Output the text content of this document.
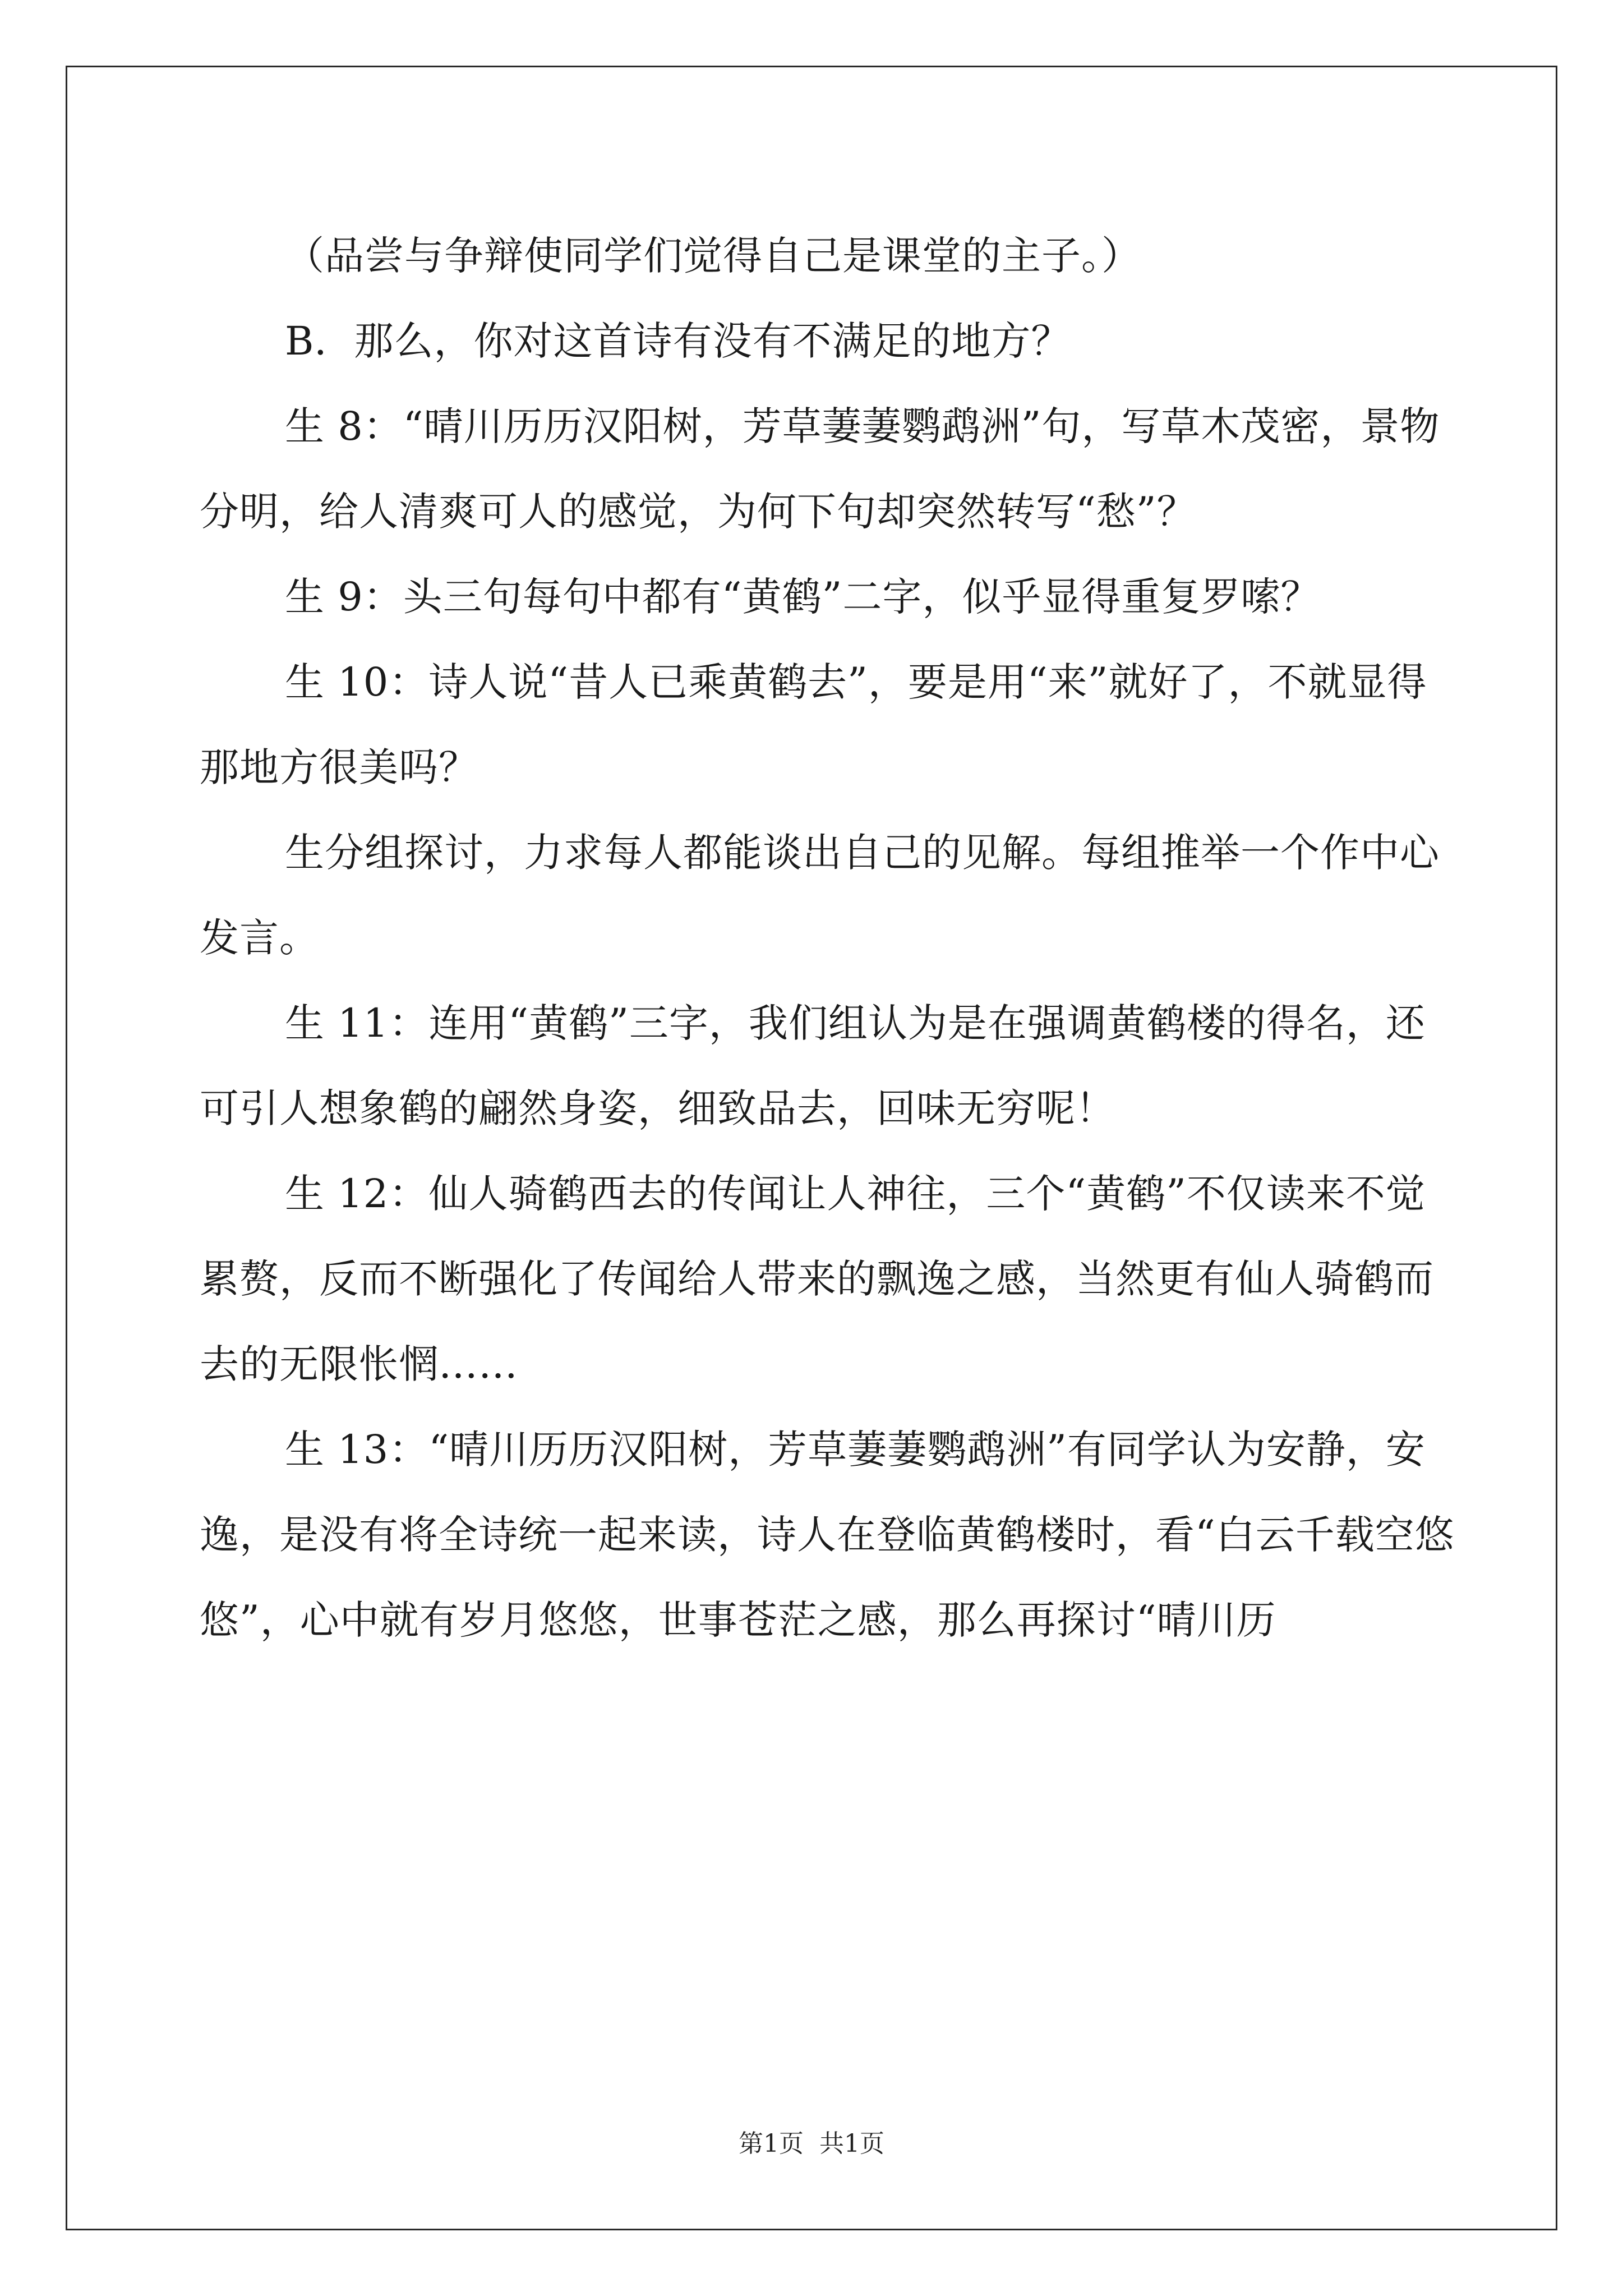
（品尝与争辩使同学们觉得自己是课堂的主子。）

B．那么，你对这首诗有没有不满足的地方？

生 8：“晴川历历汉阳树，芳草萋萋鹦鹉洲”句，写草木茂密，景物分明，给人清爽可人的感觉，为何下句却突然转写“愁”？

生 9：头三句每句中都有“黄鹤”二字，似乎显得重复罗嗦？

生 10：诗人说“昔人已乘黄鹤去”，要是用“来”就好了，不就显得那地方很美吗？

生分组探讨，力求每人都能谈出自己的见解。每组推举一个作中心发言。

生 11：连用“黄鹤”三字，我们组认为是在强调黄鹤楼的得名，还可引人想象鹤的翩然身姿，细致品去，回味无穷呢！

生 12：仙人骑鹤西去的传闻让人神往，三个“黄鹤”不仅读来不觉累赘，反而不断强化了传闻给人带来的飘逸之感，当然更有仙人骑鹤而去的无限怅惘……

生 13：“晴川历历汉阳树，芳草萋萋鹦鹉洲”有同学认为安静，安逸，是没有将全诗统一起来读，诗人在登临黄鹤楼时，看“白云千载空悠悠”，心中就有岁月悠悠，世事苍茫之感，那么再探讨“晴川历

第1页 共1页
